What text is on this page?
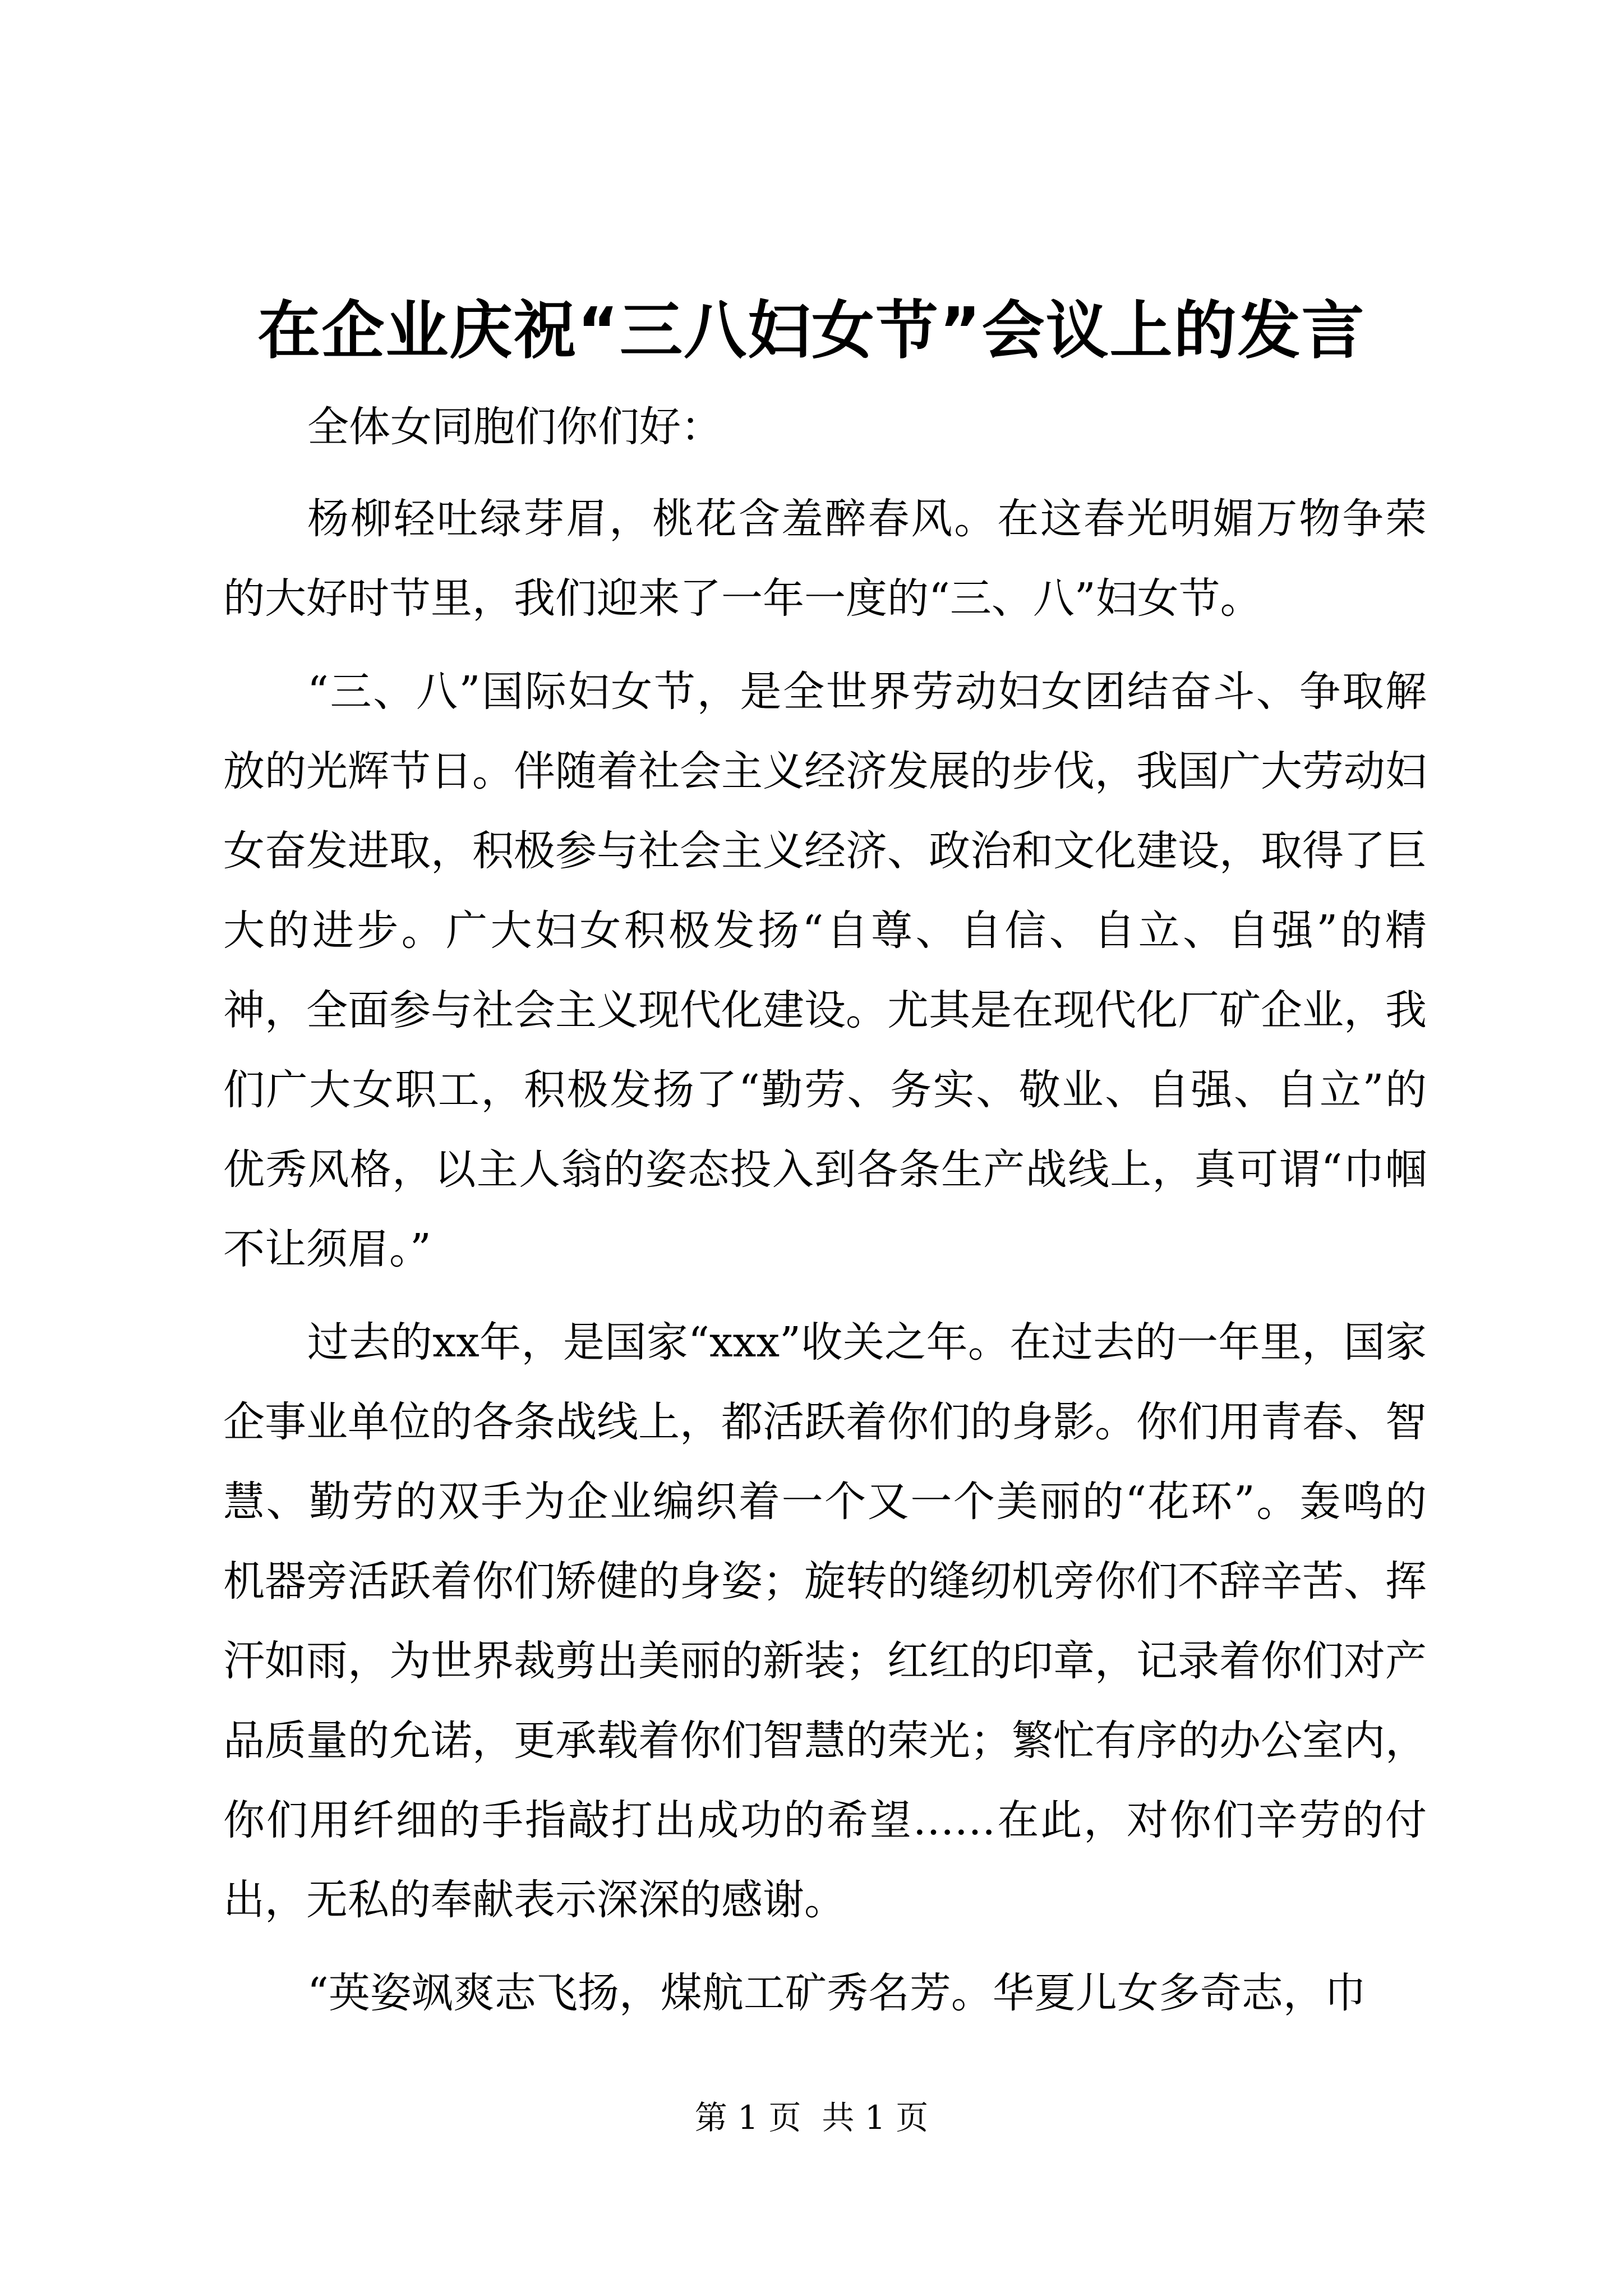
在企业庆祝“三八妇女节”会议上的发言

全体女同胞们你们好：

杨柳轻吐绿芽眉，桃花含羞醉春风。在这春光明媚万物争荣的大好时节里，我们迎来了一年一度的“三、八”妇女节。

“三、八”国际妇女节，是全世界劳动妇女团结奋斗、争取解放的光辉节日。伴随着社会主义经济发展的步伐，我国广大劳动妇女奋发进取，积极参与社会主义经济、政治和文化建设，取得了巨大的进步。广大妇女积极发扬“自尊、自信、自立、自强”的精神，全面参与社会主义现代化建设。尤其是在现代化厂矿企业，我们广大女职工，积极发扬了“勤劳、务实、敬业、自强、自立”的优秀风格，以主人翁的姿态投入到各条生产战线上，真可谓“巾帼不让须眉。”

过去的xx年，是国家“xxx”收关之年。在过去的一年里，国家企事业单位的各条战线上，都活跃着你们的身影。你们用青春、智慧、勤劳的双手为企业编织着一个又一个美丽的“花环”。轰鸣的机器旁活跃着你们矫健的身姿；旋转的缝纫机旁你们不辞辛苦、挥汗如雨，为世界裁剪出美丽的新装；红红的印章，记录着你们对产品质量的允诺，更承载着你们智慧的荣光；繁忙有序的办公室内，你们用纤细的手指敲打出成功的希望……在此，对你们辛劳的付出，无私的奉献表示深深的感谢。

“英姿飒爽志飞扬，煤航工矿秀名芳。华夏儿女多奇志，巾

第 1 页  共 1 页
